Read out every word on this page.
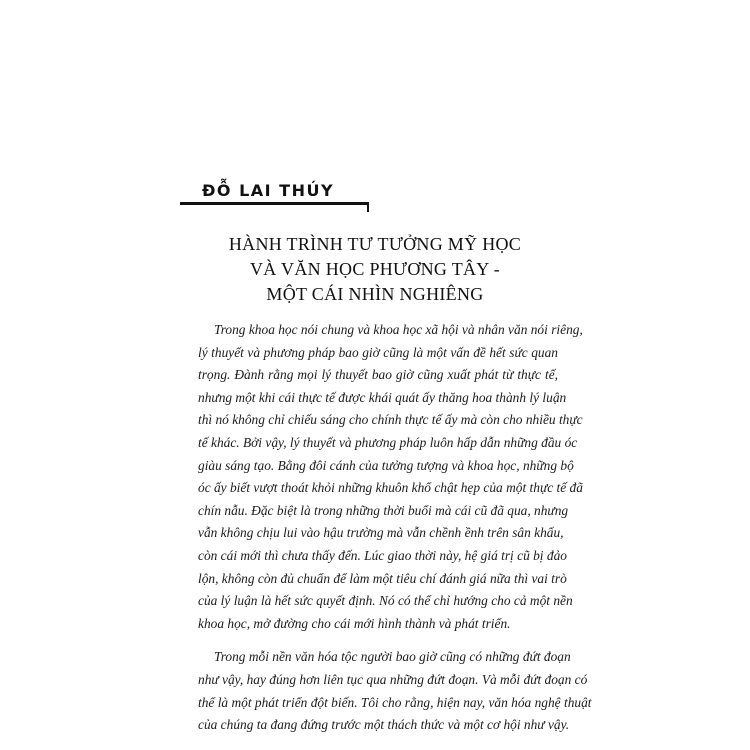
ĐỖ LAI THÚY
HÀNH TRÌNH TƯ TƯỞNG MỸ HỌC
VÀ VĂN HỌC PHƯƠNG TÂY -
MỘT CÁI NHÌN NGHIÊNG
Trong khoa học nói chung và khoa học xã hội và nhân văn nói riêng,
lý thuyết và phương pháp bao giờ cũng là một vấn đề hết sức quan
trọng. Đành rằng mọi lý thuyết bao giờ cũng xuất phát từ thực tế,
nhưng một khi cái thực tế được khái quát ấy thăng hoa thành lý luận
thì nó không chỉ chiếu sáng cho chính thực tế ấy mà còn cho nhiều thực
tế khác. Bởi vậy, lý thuyết và phương pháp luôn hấp dẫn những đầu óc
giàu sáng tạo. Bằng đôi cánh của tưởng tượng và khoa học, những bộ
óc ấy biết vượt thoát khỏi những khuôn khổ chật hẹp của một thực tế đã
chín nẫu. Đặc biệt là trong những thời buổi mà cái cũ đã qua, nhưng
vẫn không chịu lui vào hậu trường mà vẫn chềnh ềnh trên sân khấu,
còn cái mới thì chưa thấy đến. Lúc giao thời này, hệ giá trị cũ bị đảo
lộn, không còn đủ chuẩn để làm một tiêu chí đánh giá nữa thì vai trò
của lý luận là hết sức quyết định. Nó có thể chỉ hướng cho cả một nền
khoa học, mở đường cho cái mới hình thành và phát triển.
Trong mỗi nền văn hóa tộc người bao giờ cũng có những đứt đoạn
như vậy, hay đúng hơn liên tục qua những đứt đoạn. Và mỗi đứt đoạn có
thể là một phát triển đột biến. Tôi cho rằng, hiện nay, văn hóa nghệ thuật
của chúng ta đang đứng trước một thách thức và một cơ hội như vậy.
